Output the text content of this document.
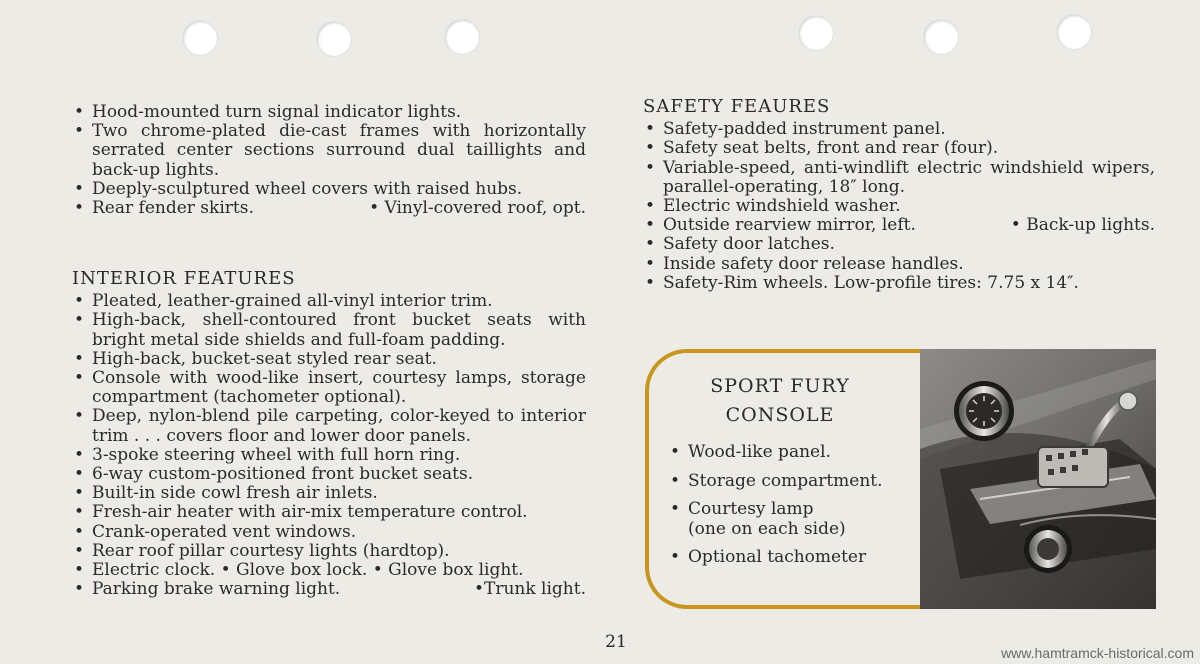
• Hood-mounted turn signal indicator lights.
• Two chrome-plated die-cast frames with horizontally serrated center sections surround dual taillights and back-up lights.
• Deeply-sculptured wheel covers with raised hubs.
• Rear fender skirts.	• Vinyl-covered roof, opt.
INTERIOR FEATURES
• Pleated, leather-grained all-vinyl interior trim.
• High-back, shell-contoured front bucket seats with bright metal side shields and full-foam padding.
• High-back, bucket-seat styled rear seat.
• Console with wood-like insert, courtesy lamps, storage compartment (tachometer optional).
• Deep, nylon-blend pile carpeting, color-keyed to interior trim . . . covers floor and lower door panels.
• 3-spoke steering wheel with full horn ring.
• 6-way custom-positioned front bucket seats.
• Built-in side cowl fresh air inlets.
• Fresh-air heater with air-mix temperature control.
• Crank-operated vent windows.
• Rear roof pillar courtesy lights (hardtop).
• Electric clock. • Glove box lock. • Glove box light.
• Parking brake warning light.	•Trunk light.
SAFETY FEAURES
• Safety-padded instrument panel.
• Safety seat belts, front and rear (four).
• Variable-speed, anti-windlift electric windshield wipers, parallel-operating, 18″ long.
• Electric windshield washer.
• Outside rearview mirror, left.	• Back-up lights.
• Safety door latches.
• Inside safety door release handles.
• Safety-Rim wheels. Low-profile tires: 7.75 x 14″.
SPORT FURY
CONSOLE
• Wood-like panel.
• Storage compartment.
• Courtesy lamp
(one on each side)
• Optional tachometer
21
www.hamtramck-historical.com
